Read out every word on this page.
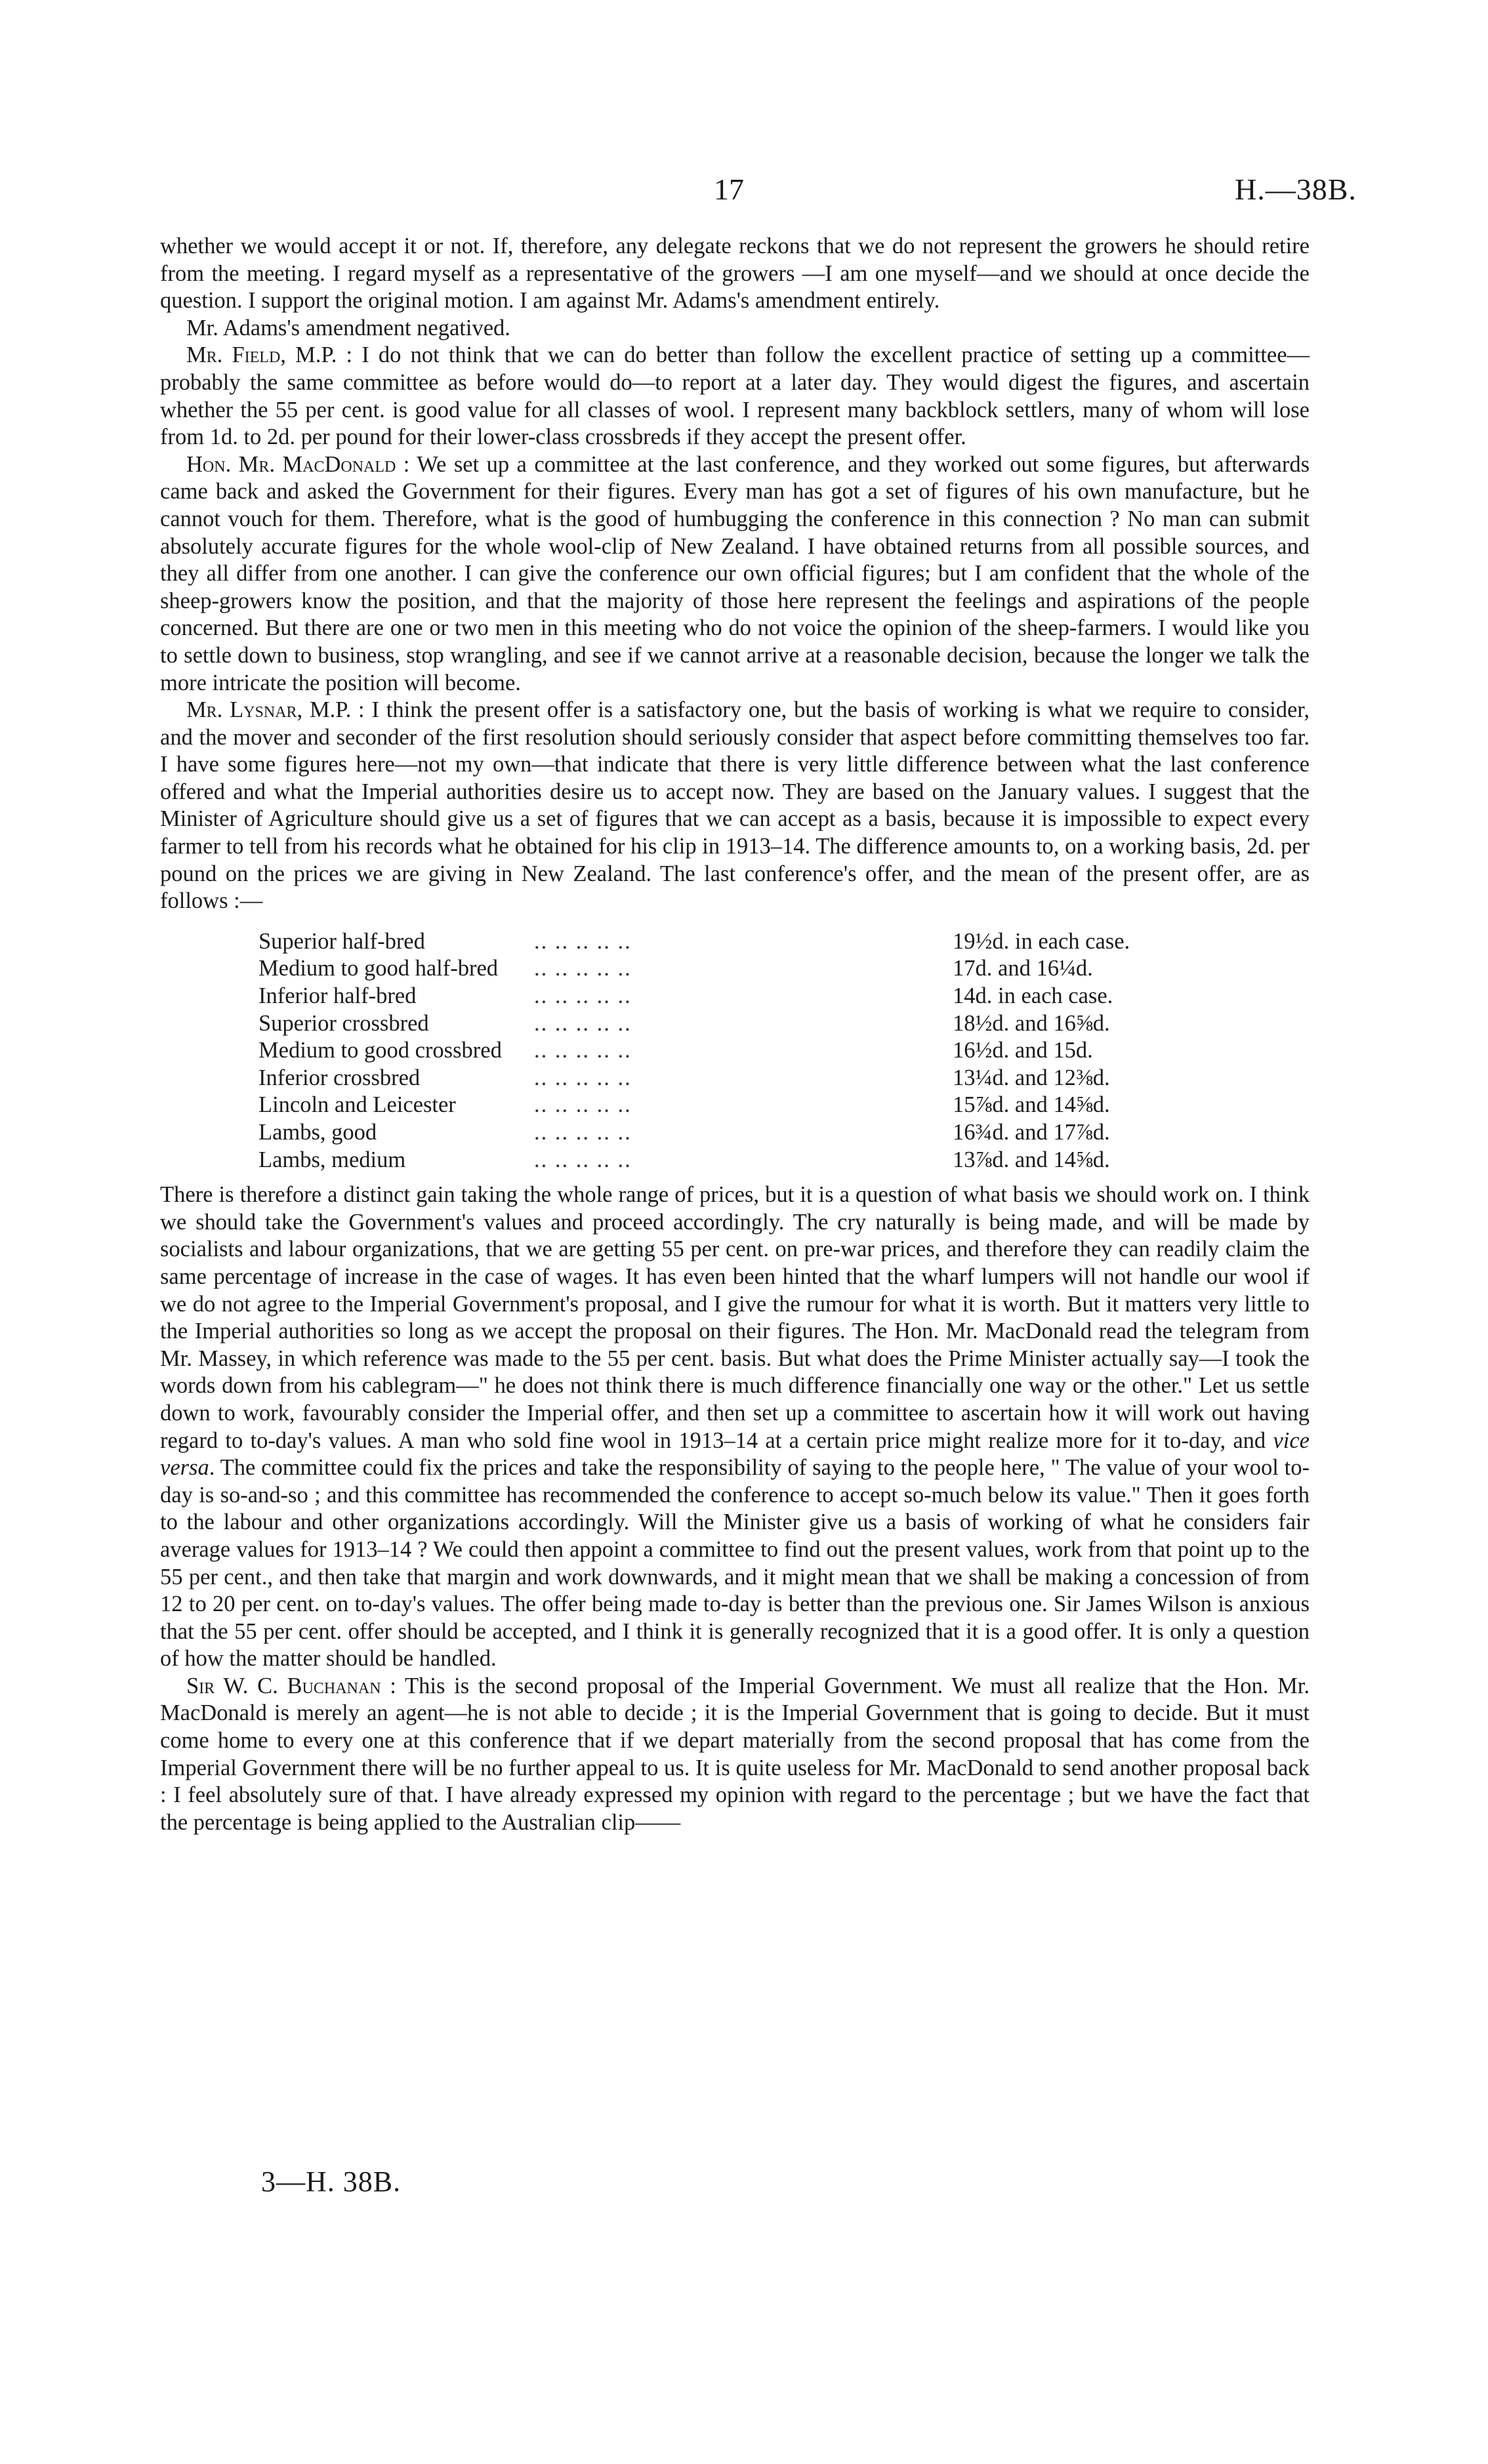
17	H.—38B.

whether we would accept it or not. If, therefore, any delegate reckons that we do not represent the growers he should retire from the meeting. I regard myself as a representative of the growers —I am one myself—and we should at once decide the question. I support the original motion. I am against Mr. Adams's amendment entirely.

Mr. Adams's amendment negatived.

Mr. Field, M.P. : I do not think that we can do better than follow the excellent practice of setting up a committee—probably the same committee as before would do—to report at a later day. They would digest the figures, and ascertain whether the 55 per cent. is good value for all classes of wool. I represent many backblock settlers, many of whom will lose from 1d. to 2d. per pound for their lower-class crossbreds if they accept the present offer.

Hon. Mr. MacDonald : We set up a committee at the last conference, and they worked out some figures, but afterwards came back and asked the Government for their figures. Every man has got a set of figures of his own manufacture, but he cannot vouch for them. Therefore, what is the good of humbugging the conference in this connection ? No man can submit absolutely accurate figures for the whole wool-clip of New Zealand. I have obtained returns from all possible sources, and they all differ from one another. I can give the conference our own official figures; but I am confident that the whole of the sheep-growers know the position, and that the majority of those here represent the feelings and aspirations of the people concerned. But there are one or two men in this meeting who do not voice the opinion of the sheep-farmers. I would like you to settle down to business, stop wrangling, and see if we cannot arrive at a reasonable decision, because the longer we talk the more intricate the position will become.

Mr. Lysnar, M.P. : I think the present offer is a satisfactory one, but the basis of working is what we require to consider, and the mover and seconder of the first resolution should seriously consider that aspect before committing themselves too far. I have some figures here—not my own—that indicate that there is very little difference between what the last conference offered and what the Imperial authorities desire us to accept now. They are based on the January values. I suggest that the Minister of Agriculture should give us a set of figures that we can accept as a basis, because it is impossible to expect every farmer to tell from his records what he obtained for his clip in 1913–14. The difference amounts to, on a working basis, 2d. per pound on the prices we are giving in New Zealand. The last conference's offer, and the mean of the present offer, are as follows :—

Superior half-bred .. .. .. .. ..	19½d. in each case.
Medium to good half-bred .. .. .. .. ..	17d. and 16¼d.
Inferior half-bred .. .. .. .. ..	14d. in each case.
Superior crossbred .. .. .. .. ..	18½d. and 16⅝d.
Medium to good crossbred .. .. .. .. ..	16½d. and 15d.
Inferior crossbred .. .. .. .. ..	13¼d. and 12⅜d.
Lincoln and Leicester .. .. .. .. ..	15⅞d. and 14⅝d.
Lambs, good .. .. .. .. ..	16¾d. and 17⅞d.
Lambs, medium .. .. .. .. ..	13⅞d. and 14⅝d.

There is therefore a distinct gain taking the whole range of prices, but it is a question of what basis we should work on. I think we should take the Government's values and proceed accordingly. The cry naturally is being made, and will be made by socialists and labour organizations, that we are getting 55 per cent. on pre-war prices, and therefore they can readily claim the same percentage of increase in the case of wages. It has even been hinted that the wharf lumpers will not handle our wool if we do not agree to the Imperial Government's proposal, and I give the rumour for what it is worth. But it matters very little to the Imperial authorities so long as we accept the proposal on their figures. The Hon. Mr. MacDonald read the telegram from Mr. Massey, in which reference was made to the 55 per cent. basis. But what does the Prime Minister actually say—I took the words down from his cablegram—" he does not think there is much difference financially one way or the other." Let us settle down to work, favourably consider the Imperial offer, and then set up a committee to ascertain how it will work out having regard to to-day's values. A man who sold fine wool in 1913–14 at a certain price might realize more for it to-day, and vice versa. The committee could fix the prices and take the responsibility of saying to the people here, " The value of your wool to-day is so-and-so ; and this committee has recommended the conference to accept so-much below its value." Then it goes forth to the labour and other organizations accordingly. Will the Minister give us a basis of working of what he considers fair average values for 1913–14 ? We could then appoint a committee to find out the present values, work from that point up to the 55 per cent., and then take that margin and work downwards, and it might mean that we shall be making a concession of from 12 to 20 per cent. on to-day's values. The offer being made to-day is better than the previous one. Sir James Wilson is anxious that the 55 per cent. offer should be accepted, and I think it is generally recognized that it is a good offer. It is only a question of how the matter should be handled.

Sir W. C. Buchanan : This is the second proposal of the Imperial Government. We must all realize that the Hon. Mr. MacDonald is merely an agent—he is not able to decide ; it is the Imperial Government that is going to decide. But it must come home to every one at this conference that if we depart materially from the second proposal that has come from the Imperial Government there will be no further appeal to us. It is quite useless for Mr. MacDonald to send another proposal back : I feel absolutely sure of that. I have already expressed my opinion with regard to the percentage ; but we have the fact that the percentage is being applied to the Australian clip——

3—H. 38B.
